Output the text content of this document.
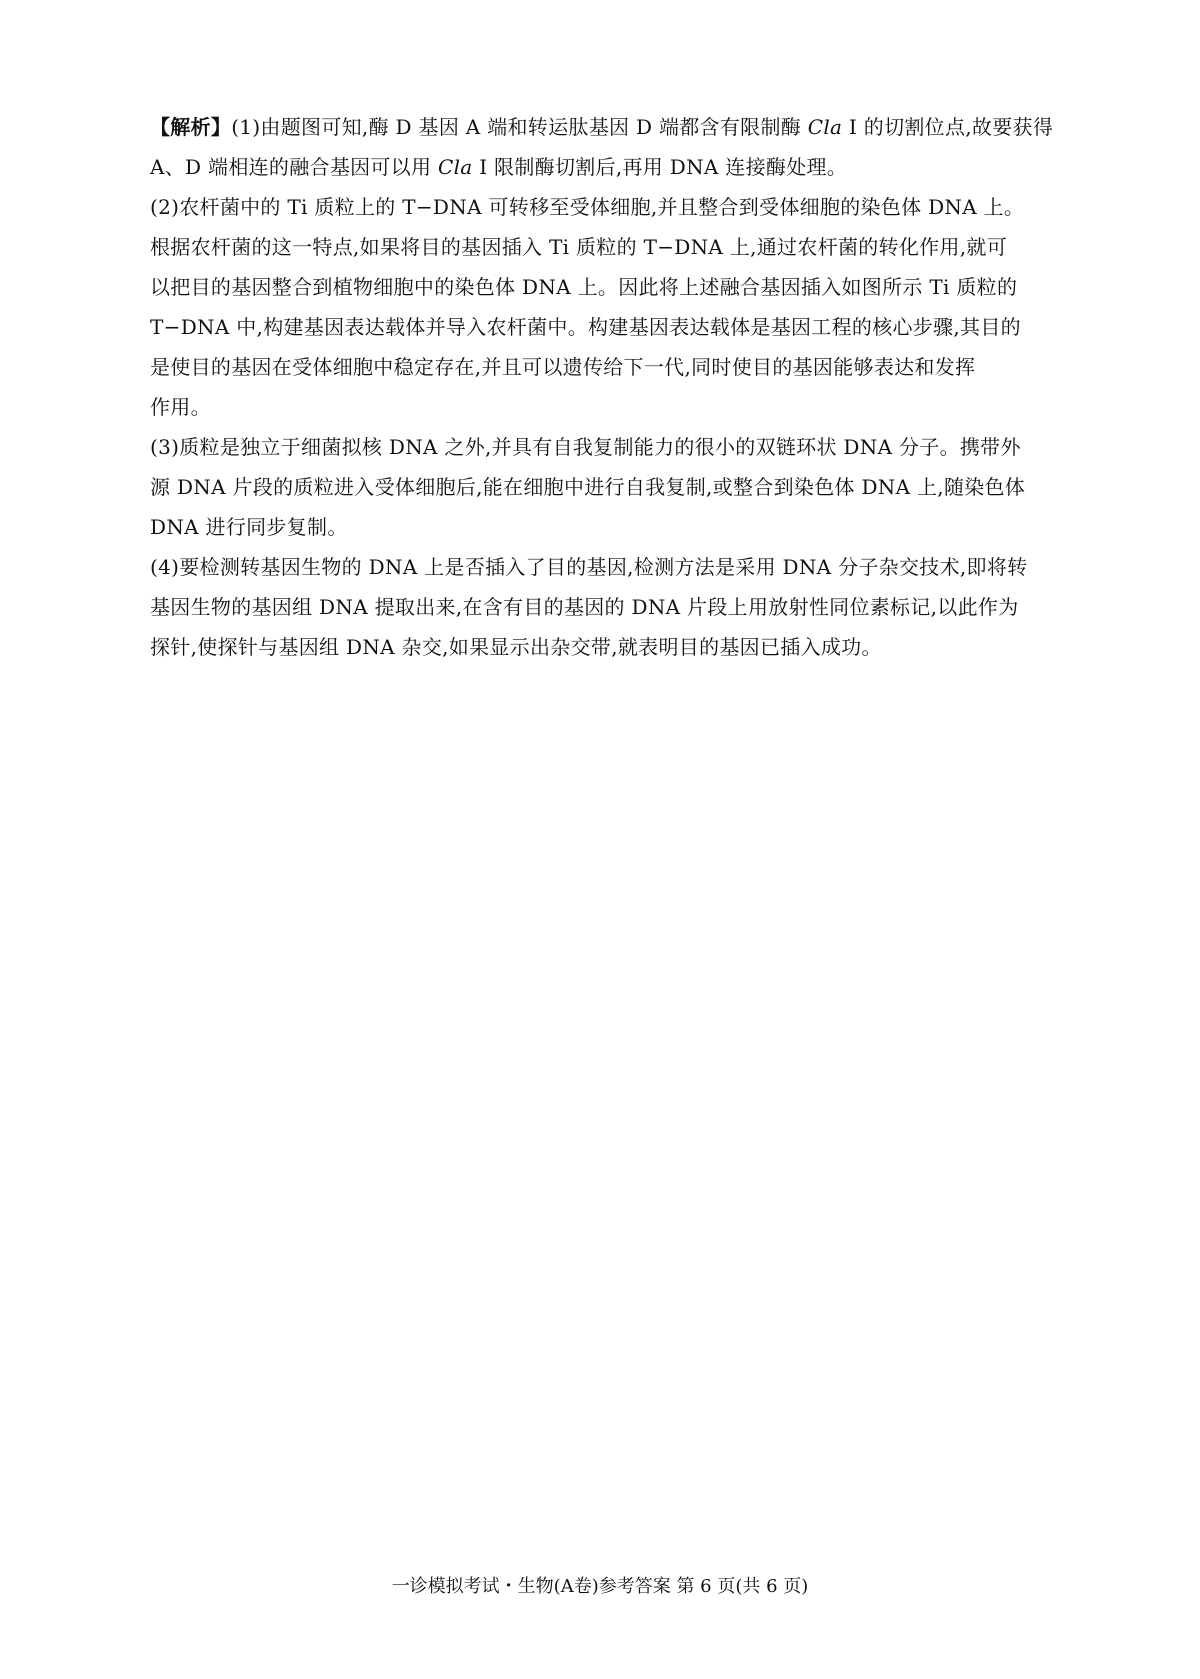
【解析】(1)由题图可知,酶 D 基因 A 端和转运肽基因 D 端都含有限制酶 Cla Ⅰ 的切割位点,故要获得
A、D 端相连的融合基因可以用 Cla Ⅰ 限制酶切割后,再用 DNA 连接酶处理。
(2)农杆菌中的 Ti 质粒上的 T−DNA 可转移至受体细胞,并且整合到受体细胞的染色体 DNA 上。
根据农杆菌的这一特点,如果将目的基因插入 Ti 质粒的 T−DNA 上,通过农杆菌的转化作用,就可
以把目的基因整合到植物细胞中的染色体 DNA 上。因此将上述融合基因插入如图所示 Ti 质粒的
T−DNA 中,构建基因表达载体并导入农杆菌中。构建基因表达载体是基因工程的核心步骤,其目的
是使目的基因在受体细胞中稳定存在,并且可以遗传给下一代,同时使目的基因能够表达和发挥
作用。
(3)质粒是独立于细菌拟核 DNA 之外,并具有自我复制能力的很小的双链环状 DNA 分子。携带外
源 DNA 片段的质粒进入受体细胞后,能在细胞中进行自我复制,或整合到染色体 DNA 上,随染色体
DNA 进行同步复制。
(4)要检测转基因生物的 DNA 上是否插入了目的基因,检测方法是采用 DNA 分子杂交技术,即将转
基因生物的基因组 DNA 提取出来,在含有目的基因的 DNA 片段上用放射性同位素标记,以此作为
探针,使探针与基因组 DNA 杂交,如果显示出杂交带,就表明目的基因已插入成功。
一诊模拟考试・生物(A卷)参考答案 第 6 页(共 6 页)
